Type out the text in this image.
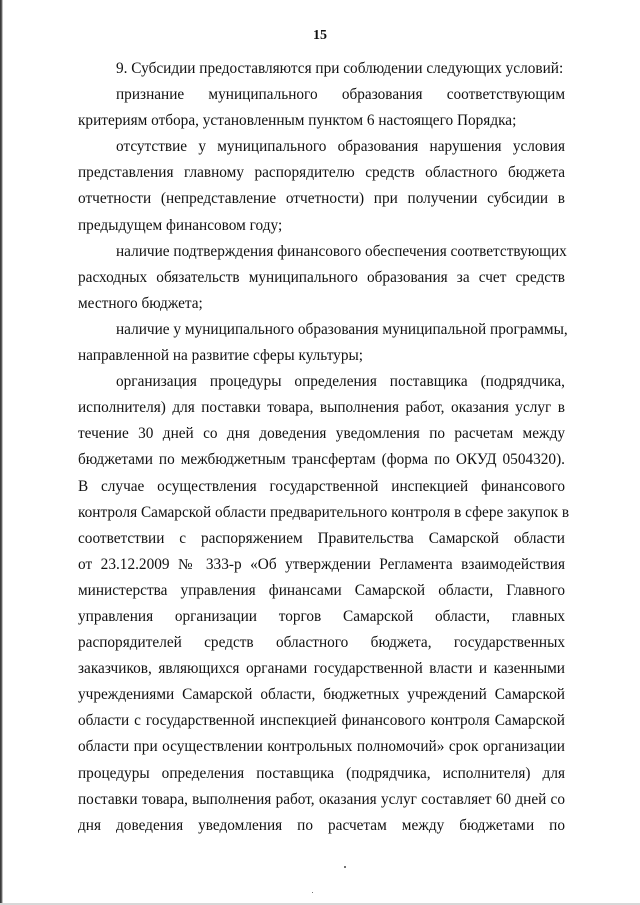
15
9. Субсидии предоставляются при соблюдении следующих условий:
признание муниципального образования соответствующим
критериям отбора, установленным пунктом 6 настоящего Порядка;
отсутствие у муниципального образования нарушения условия
представления главному распорядителю средств областного бюджета
отчетности (непредставление отчетности) при получении субсидии в
предыдущем финансовом году;
наличие подтверждения финансового обеспечения соответствующих
расходных обязательств муниципального образования за счет средств
местного бюджета;
наличие у муниципального образования муниципальной программы,
направленной на развитие сферы культуры;
организация процедуры определения поставщика (подрядчика,
исполнителя) для поставки товара, выполнения работ, оказания услуг в
течение 30 дней со дня доведения уведомления по расчетам между
бюджетами по межбюджетным трансфертам (форма по ОКУД 0504320).
В случае осуществления государственной инспекцией финансового
контроля Самарской области предварительного контроля в сфере закупок в
соответствии с распоряжением Правительства Самарской области
от 23.12.2009 № 333-р «Об утверждении Регламента взаимодействия
министерства управления финансами Самарской области, Главного
управления организации торгов Самарской области, главных
распорядителей средств областного бюджета, государственных
заказчиков, являющихся органами государственной власти и казенными
учреждениями Самарской области, бюджетных учреждений Самарской
области с государственной инспекцией финансового контроля Самарской
области при осуществлении контрольных полномочий» срок организации
процедуры определения поставщика (подрядчика, исполнителя) для
поставки товара, выполнения работ, оказания услуг составляет 60 дней со
дня доведения уведомления по расчетам между бюджетами по
